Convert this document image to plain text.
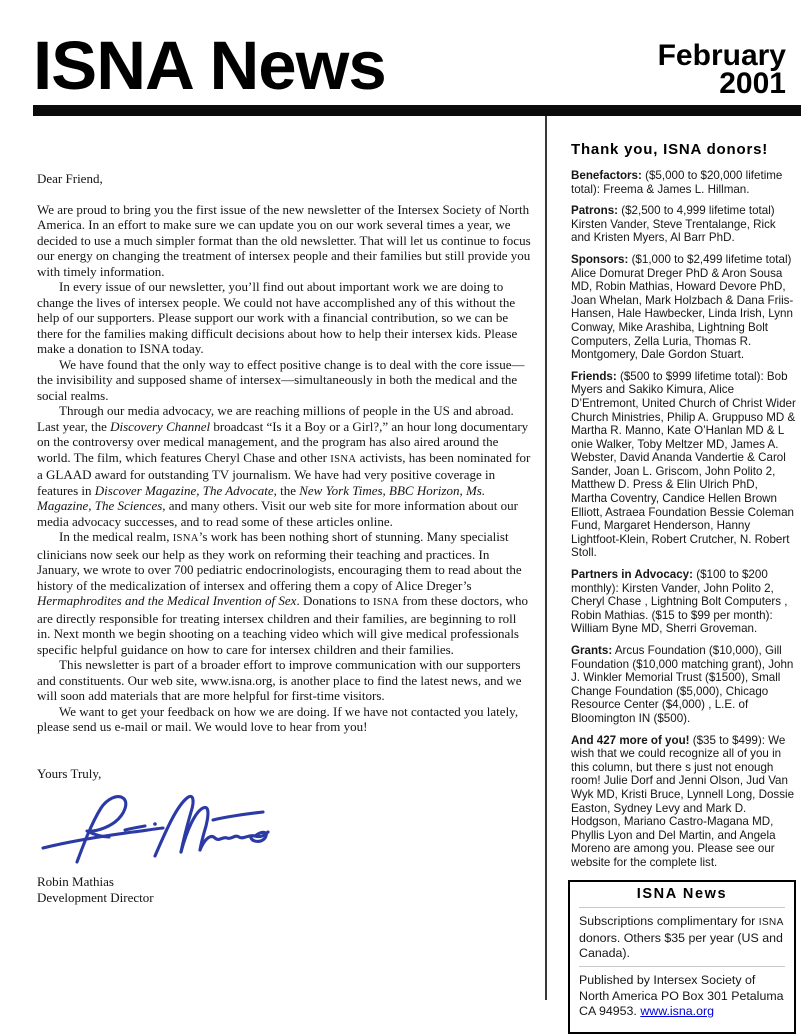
ISNA News	February
2001

Dear Friend,

We are proud to bring you the first issue of the new newsletter of the Intersex Society of North America. In an effort to make sure we can update you on our work several times a year, we decided to use a much simpler format than the old newsletter. That will let us continue to focus our energy on changing the treatment of intersex people and their families but still provide you with timely information.

In every issue of our newsletter, you’ll find out about important work we are doing to change the lives of intersex people. We could not have accomplished any of this without the help of our supporters. Please support our work with a financial contribution, so we can be there for the families making difficult decisions about how to help their intersex kids. Please make a donation to ISNA today.

We have found that the only way to effect positive change is to deal with the core issue—the invisibility and supposed shame of intersex—simultaneously in both the medical and the social realms.

Through our media advocacy, we are reaching millions of people in the US and abroad. Last year, the Discovery Channel broadcast “Is it a Boy or a Girl?,” an hour long documentary on the controversy over medical management, and the program has also aired around the world. The film, which features Cheryl Chase and other ISNA activists, has been nominated for a GLAAD award for outstanding TV journalism. We have had very positive coverage in features in Discover Magazine, The Advocate, the New York Times, BBC Horizon, Ms. Magazine, The Sciences, and many others. Visit our web site for more information about our media advocacy successes, and to read some of these articles online.

In the medical realm, ISNA’s work has been nothing short of stunning. Many specialist clinicians now seek our help as they work on reforming their teaching and practices. In January, we wrote to over 700 pediatric endocrinologists, encouraging them to read about the history of the medicalization of intersex and offering them a copy of Alice Dreger’s Hermaphrodites and the Medical Invention of Sex. Donations to ISNA from these doctors, who are directly responsible for treating intersex children and their families, are beginning to roll in. Next month we begin shooting on a teaching video which will give medical professionals specific helpful guidance on how to care for intersex children and their families.

This newsletter is part of a broader effort to improve communication with our supporters and constituents. Our web site, www.isna.org, is another place to find the latest news, and we will soon add materials that are more helpful for first-time visitors.

We want to get your feedback on how we are doing. If we have not contacted you lately, please send us e-mail or mail. We would love to hear from you!

Yours Truly,

Robin Mathias

Development Director

Thank you, ISNA donors!

Benefactors: ($5,000 to $20,000 lifetime total): Freema & James L. Hillman.

Patrons: ($2,500 to 4,999 lifetime total) Kirsten Vander, Steve Trentalange, Rick and Kristen Myers, Al Barr PhD.

Sponsors: ($1,000 to $2,499 lifetime total) Alice Domurat Dreger PhD & Aron Sousa MD, Robin Mathias, Howard Devore PhD, Joan Whelan, Mark Holzbach & Dana Friis-Hansen, Hale Hawbecker, Linda Irish, Lynn Conway, Mike Arashiba, Lightning Bolt Computers, Zella Luria, Thomas R. Montgomery, Dale Gordon Stuart.

Friends: ($500 to $999 lifetime total): Bob Myers and Sakiko Kimura, Alice D’Entremont, United Church of Christ Wider Church Ministries, Philip A. Gruppuso MD & Martha R. Manno, Kate O’Hanlan MD & L onie Walker, Toby Meltzer MD, James A. Webster, David Ananda Vandertie & Carol Sander, Joan L. Griscom, John Polito 2, Matthew D. Press & Elin Ulrich PhD, Martha Coventry, Candice Hellen Brown Elliott, Astraea Foundation Bessie Coleman Fund, Margaret Henderson, Hanny Lightfoot-Klein, Robert Crutcher, N. Robert Stoll.

Partners in Advocacy: ($100 to $200 monthly): Kirsten Vander, John Polito 2, Cheryl Chase , Lightning Bolt Computers , Robin Mathias. ($15 to $99 per month): William Byne MD, Sherri Groveman.

Grants: Arcus Foundation ($10,000), Gill Foundation ($10,000 matching grant), John J. Winkler Memorial Trust ($1500), Small Change Foundation ($5,000), Chicago Resource Center ($4,000) , L.E. of Bloomington IN ($500).

And 427 more of you! ($35 to $499): We wish that we could recognize all of you in this column, but there s just not enough room! Julie Dorf and Jenni Olson, Jud Van Wyk MD, Kristi Bruce, Lynnell Long, Dossie Easton, Sydney Levy and Mark D. Hodgson, Mariano Castro-Magana MD, Phyllis Lyon and Del Martin, and Angela Moreno are among you. Please see our website for the complete list.

ISNA News

Subscriptions complimentary for ISNA donors. Others $35 per year (US and Canada).

Published by Intersex Society of North America PO Box 301 Petaluma CA 94953. www.isna.org
